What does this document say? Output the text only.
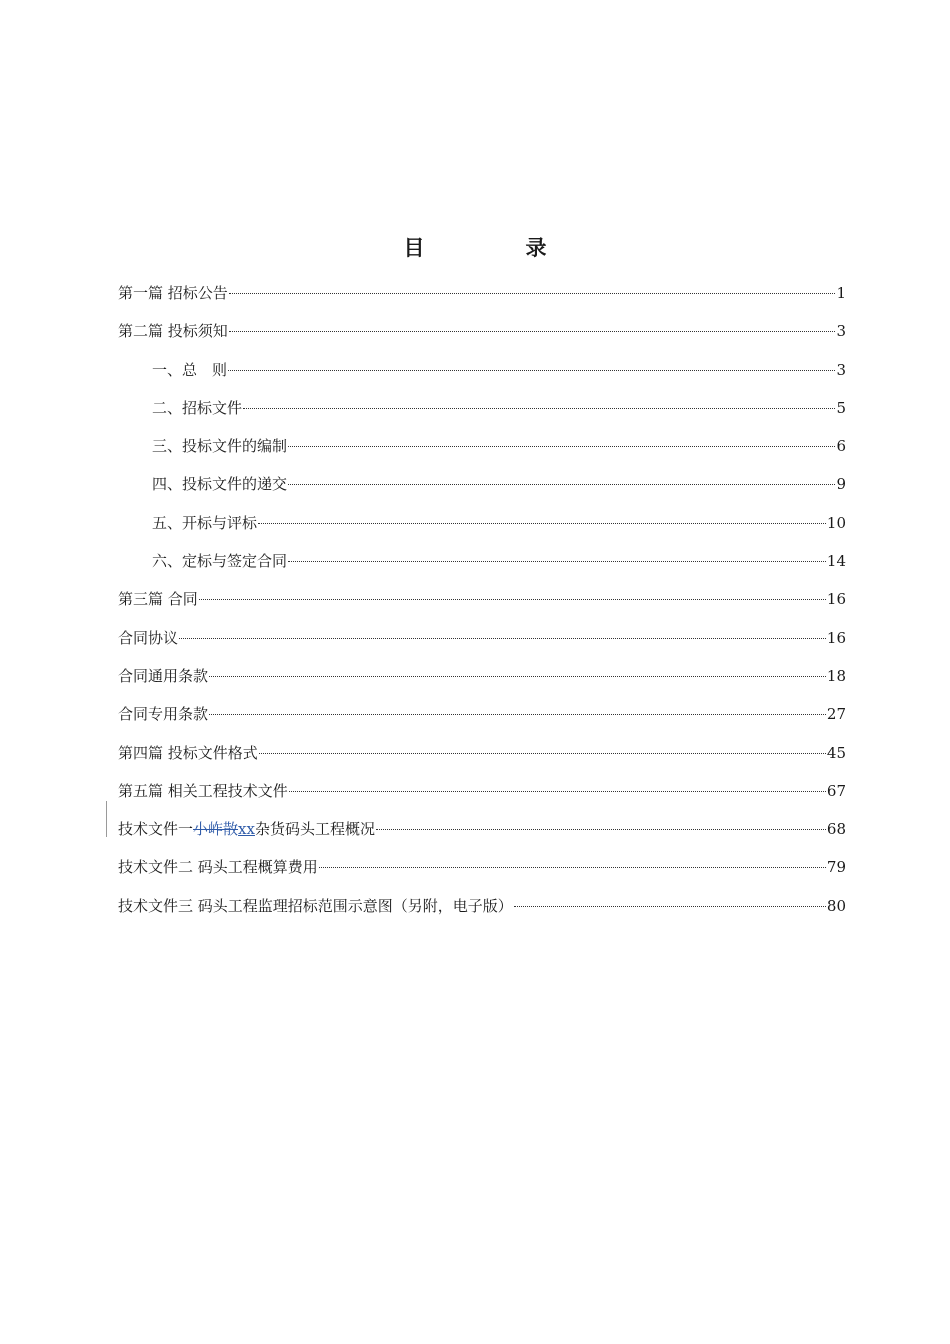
目　录
第一篇 招标公告	1
第二篇 投标须知	3
一、总　则	3
二、招标文件	5
三、投标文件的编制	6
四、投标文件的递交	9
五、开标与评标	10
六、定标与签定合同	14
第三篇 合同	16
合同协议	16
合同通用条款	18
合同专用条款	27
第四篇 投标文件格式	45
第五篇 相关工程技术文件	67
技术文件一小岞散xx杂货码头工程概况	68
技术文件二 码头工程概算费用	79
技术文件三 码头工程监理招标范围示意图（另附，电子版）	80
